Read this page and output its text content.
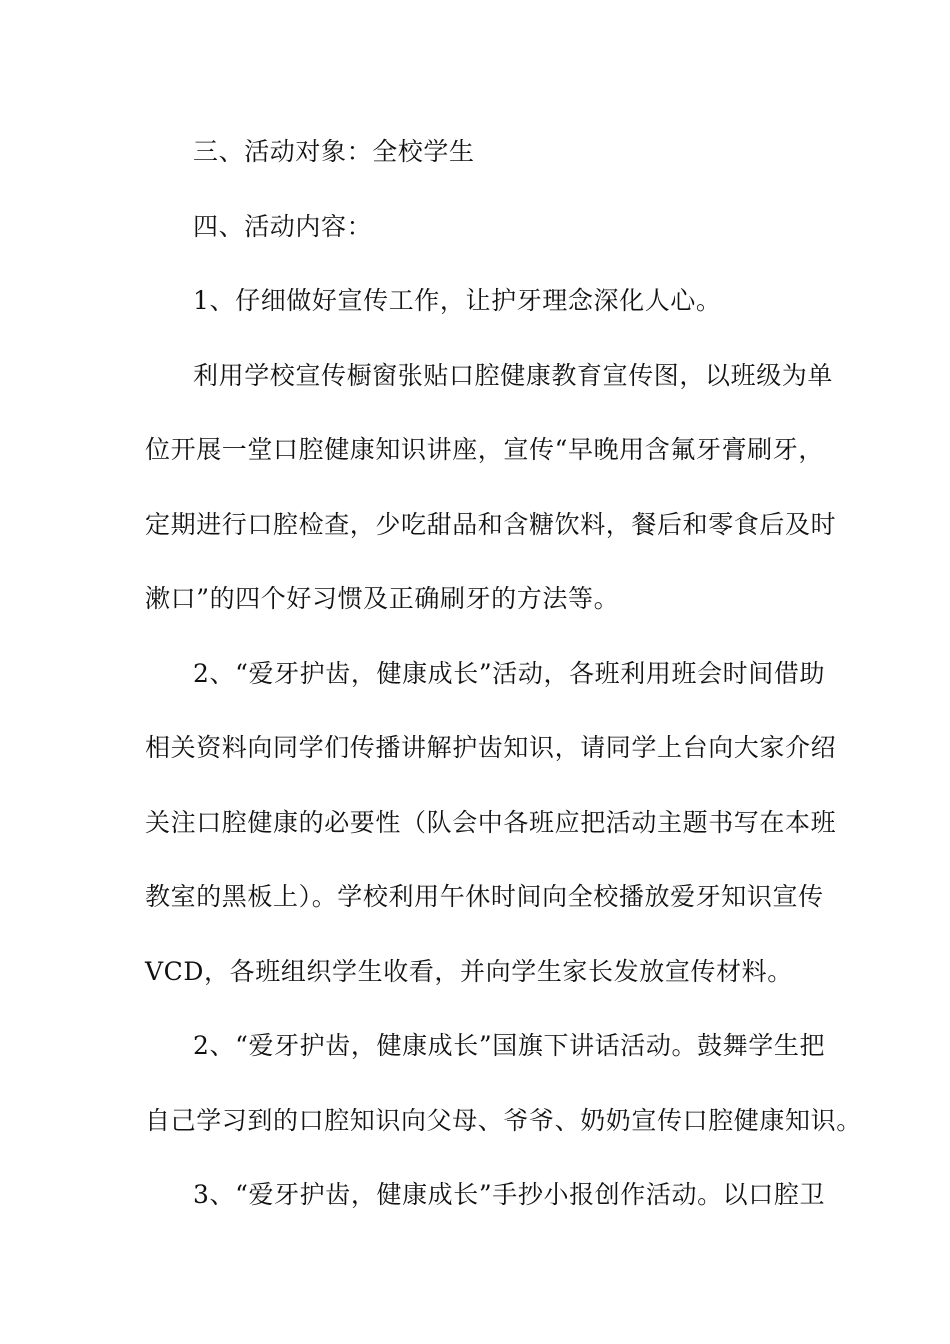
三、活动对象：全校学生
四、活动内容：
1、仔细做好宣传工作，让护牙理念深化人心。
利用学校宣传橱窗张贴口腔健康教育宣传图，以班级为单
位开展一堂口腔健康知识讲座，宣传“早晚用含氟牙膏刷牙，
定期进行口腔检查，少吃甜品和含糖饮料，餐后和零食后及时
漱口”的四个好习惯及正确刷牙的方法等。
2、“爱牙护齿，健康成长”活动，各班利用班会时间借助
相关资料向同学们传播讲解护齿知识，请同学上台向大家介绍
关注口腔健康的必要性（队会中各班应把活动主题书写在本班
教室的黑板上）。学校利用午休时间向全校播放爱牙知识宣传
VCD，各班组织学生收看，并向学生家长发放宣传材料。
2、“爱牙护齿，健康成长”国旗下讲话活动。鼓舞学生把
自己学习到的口腔知识向父母、爷爷、奶奶宣传口腔健康知识。
3、“爱牙护齿，健康成长”手抄小报创作活动。以口腔卫
